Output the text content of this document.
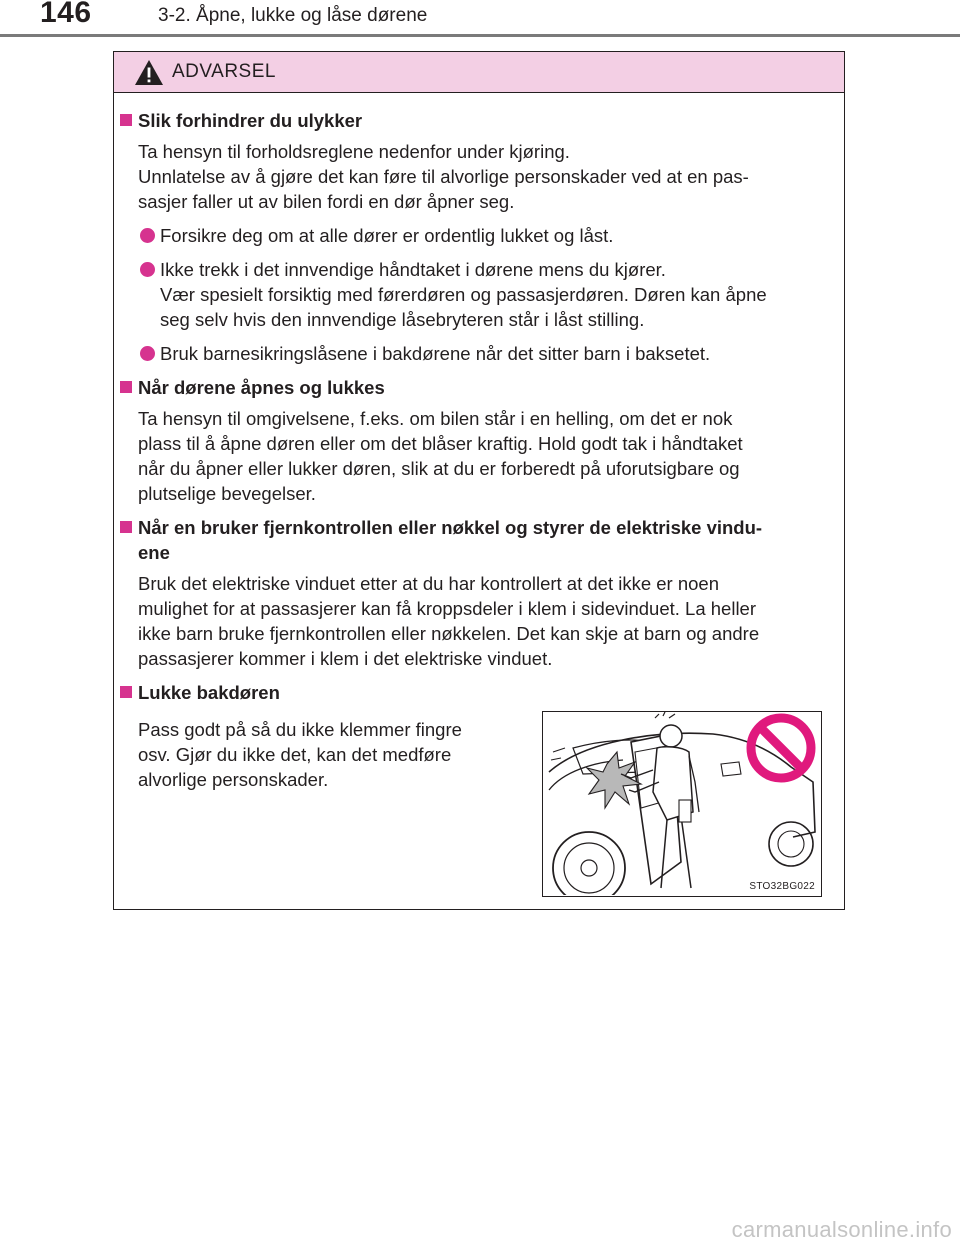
146	3-2. Åpne, lukke og låse dørene
ADVARSEL
Slik forhindrer du ulykker
Ta hensyn til forholdsreglene nedenfor under kjøring.
Unnlatelse av å gjøre det kan føre til alvorlige personskader ved at en pas-
sasjer faller ut av bilen fordi en dør åpner seg.
Forsikre deg om at alle dører er ordentlig lukket og låst.
Ikke trekk i det innvendige håndtaket i dørene mens du kjører.
Vær spesielt forsiktig med førerdøren og passasjerdøren. Døren kan åpne
seg selv hvis den innvendige låsebryteren står i låst stilling.
Bruk barnesikringslåsene i bakdørene når det sitter barn i baksetet.
Når dørene åpnes og lukkes
Ta hensyn til omgivelsene, f.eks. om bilen står i en helling, om det er nok
plass til å åpne døren eller om det blåser kraftig. Hold godt tak i håndtaket
når du åpner eller lukker døren, slik at du er forberedt på uforutsigbare og
plutselige bevegelser.
Når en bruker fjernkontrollen eller nøkkel og styrer de elektriske vindu-
ene
Bruk det elektriske vinduet etter at du har kontrollert at det ikke er noen
mulighet for at passasjerer kan få kroppsdeler i klem i sidevinduet. La heller
ikke barn bruke fjernkontrollen eller nøkkelen. Det kan skje at barn og andre
passasjerer kommer i klem i det elektriske vinduet.
Lukke bakdøren
Pass godt på så du ikke klemmer fingre
osv. Gjør du ikke det, kan det medføre
alvorlige personskader.
STO32BG022
carmanualsonline.info
